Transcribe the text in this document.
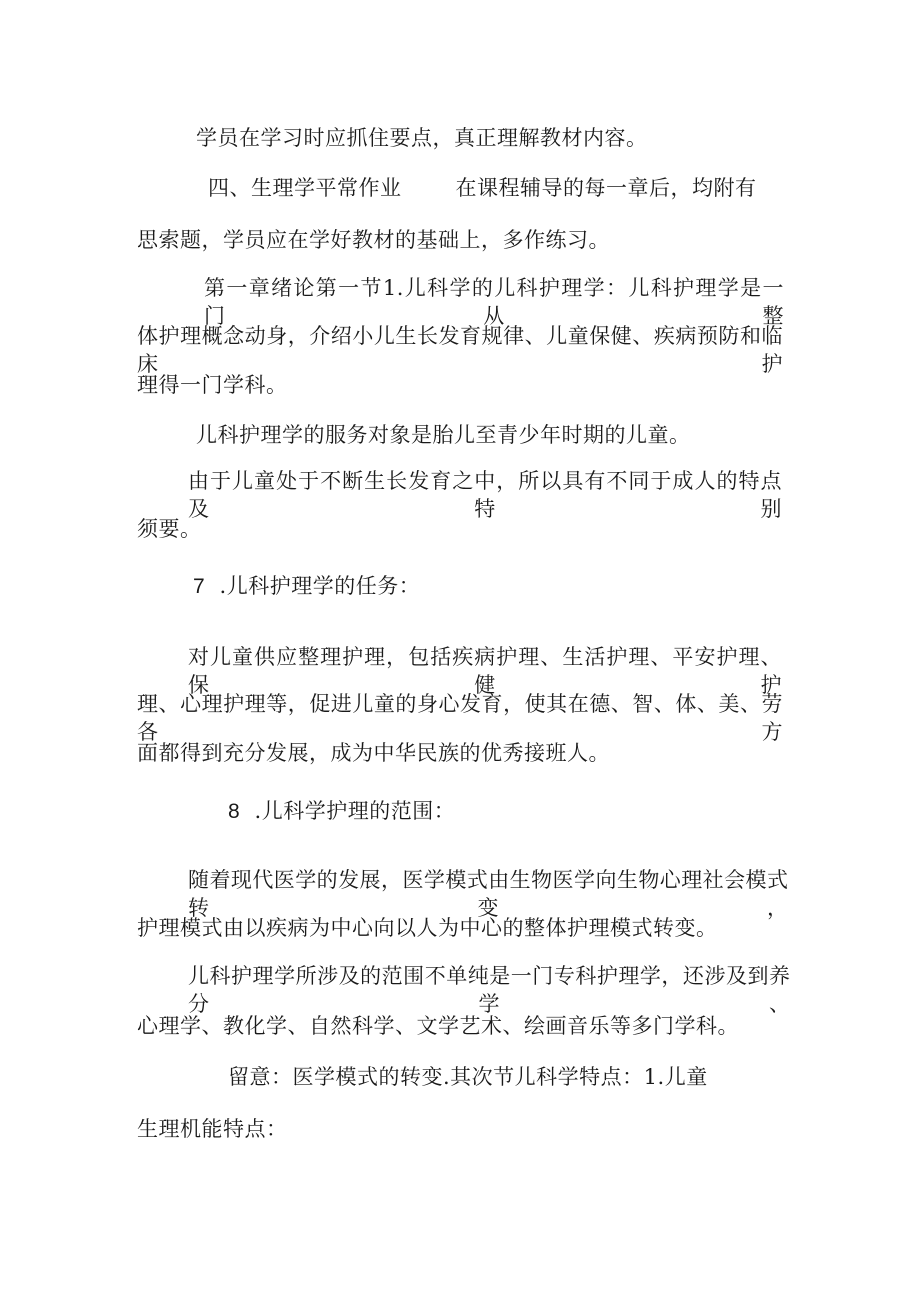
学员在学习时应抓住要点，真正理解教材内容。
四、生理学平常作业	在课程辅导的每一章后，均附有
思索题，学员应在学好教材的基础上，多作练习。
第一章绪论第一节1.儿科学的儿科护理学：儿科护理学是一门从整
体护理概念动身，介绍小儿生长发育规律、儿童保健、疾病预防和临床护
理得一门学科。
儿科护理学的服务对象是胎儿至青少年时期的儿童。
由于儿童处于不断生长发育之中，所以具有不同于成人的特点及特别
须要。
7 .儿科护理学的任务：
对儿童供应整理护理，包括疾病护理、生活护理、平安护理、保健护
理、心理护理等，促进儿童的身心发育，使其在德、智、体、美、劳各方
面都得到充分发展，成为中华民族的优秀接班人。
8 .儿科学护理的范围：
随着现代医学的发展，医学模式由生物医学向生物心理社会模式转变，
护理模式由以疾病为中心向以人为中心的整体护理模式转变。
儿科护理学所涉及的范围不单纯是一门专科护理学，还涉及到养分学、
心理学、教化学、自然科学、文学艺术、绘画音乐等多门学科。
留意：医学模式的转变.其次节儿科学特点：1.儿童
生理机能特点：
